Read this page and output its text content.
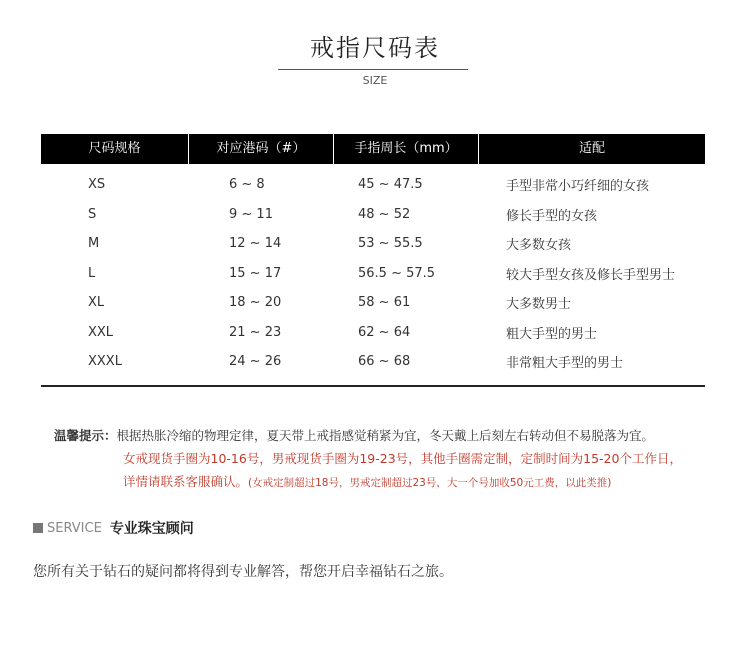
戒指尺码表
SIZE
尺码规格	对应港码（#）	手指周长（mm）	适配
XS	6 ~ 8	45 ~ 47.5	手型非常小巧纤细的女孩
S	9 ~ 11	48 ~ 52	修长手型的女孩
M	12 ~ 14	53 ~ 55.5	大多数女孩
L	15 ~ 17	56.5 ~ 57.5	较大手型女孩及修长手型男士
XL	18 ~ 20	58 ~ 61	大多数男士
XXL	21 ~ 23	62 ~ 64	粗大手型的男士
XXXL	24 ~ 26	66 ~ 68	非常粗大手型的男士
温馨提示：根据热胀冷缩的物理定律，夏天带上戒指感觉稍紧为宜，冬天戴上后刻左右转动但不易脱落为宜。
女戒现货手圈为10-16号，男戒现货手圈为19-23号，其他手圈需定制，定制时间为15-20个工作日，
详情请联系客服确认。(女戒定制超过18号，男戒定制超过23号，大一个号加收50元工费，以此类推)
SERVICE 专业珠宝顾问
您所有关于钻石的疑问都将得到专业解答，帮您开启幸福钻石之旅。
